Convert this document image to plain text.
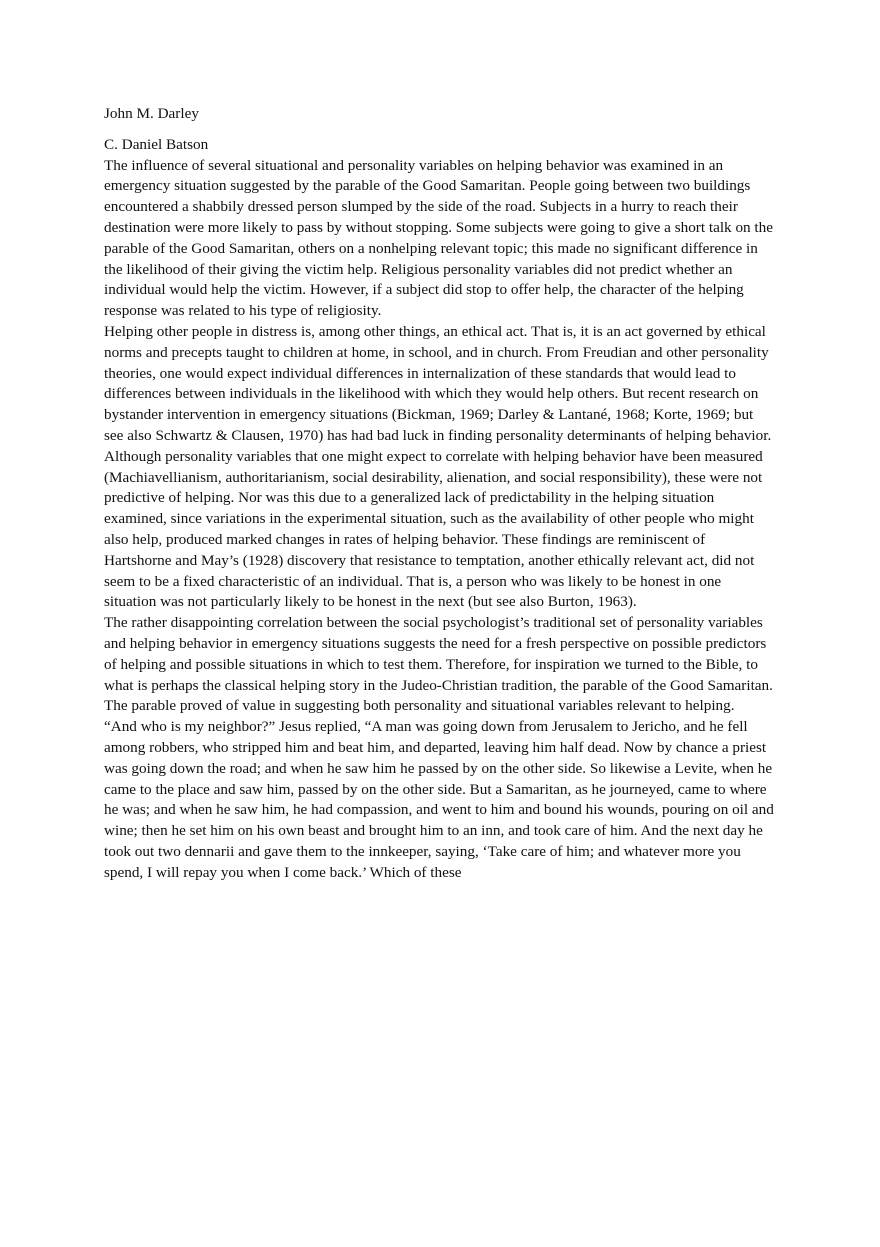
John M. Darley

C. Daniel Batson

The influence of several situational and personality variables on helping behavior was examined in an emergency situation suggested by the parable of the Good Samaritan. People going between two buildings encountered a shabbily dressed person slumped by the side of the road. Subjects in a hurry to reach their destination were more likely to pass by without stopping. Some subjects were going to give a short talk on the parable of the Good Samaritan, others on a nonhelping relevant topic; this made no significant difference in the likelihood of their giving the victim help. Religious personality variables did not predict whether an individual would help the victim. However, if a subject did stop to offer help, the character of the helping response was related to his type of religiosity.

Helping other people in distress is, among other things, an ethical act. That is, it is an act governed by ethical norms and precepts taught to children at home, in school, and in church. From Freudian and other personality theories, one would expect individual differences in internalization of these standards that would lead to differences between individuals in the likelihood with which they would help others. But recent research on bystander intervention in emergency situations (Bickman, 1969; Darley & Lantané, 1968; Korte, 1969; but see also Schwartz & Clausen, 1970) has had bad luck in finding personality determinants of helping behavior. Although personality variables that one might expect to correlate with helping behavior have been measured (Machiavellianism, authoritarianism, social desirability, alienation, and social responsibility), these were not predictive of helping. Nor was this due to a generalized lack of predictability in the helping situation examined, since variations in the experimental situation, such as the availability of other people who might also help, produced marked changes in rates of helping behavior. These findings are reminiscent of Hartshorne and May’s (1928) discovery that resistance to temptation, another ethically relevant act, did not seem to be a fixed characteristic of an individual. That is, a person who was likely to be honest in one situation was not particularly likely to be honest in the next (but see also Burton, 1963).

The rather disappointing correlation between the social psychologist’s traditional set of personality variables and helping behavior in emergency situations suggests the need for a fresh perspective on possible predictors of helping and possible situations in which to test them. Therefore, for inspiration we turned to the Bible, to what is perhaps the classical helping story in the Judeo-Christian tradition, the parable of the Good Samaritan. The parable proved of value in suggesting both personality and situational variables relevant to helping.

“And who is my neighbor?” Jesus replied, “A man was going down from Jerusalem to Jericho, and he fell among robbers, who stripped him and beat him, and departed, leaving him half dead. Now by chance a priest was going down the road; and when he saw him he passed by on the other side. So likewise a Levite, when he came to the place and saw him, passed by on the other side. But a Samaritan, as he journeyed, came to where he was; and when he saw him, he had compassion, and went to him and bound his wounds, pouring on oil and wine; then he set him on his own beast and brought him to an inn, and took care of him. And the next day he took out two dennarii and gave them to the innkeeper, saying, ‘Take care of him; and whatever more you spend, I will repay you when I come back.’ Which of these
